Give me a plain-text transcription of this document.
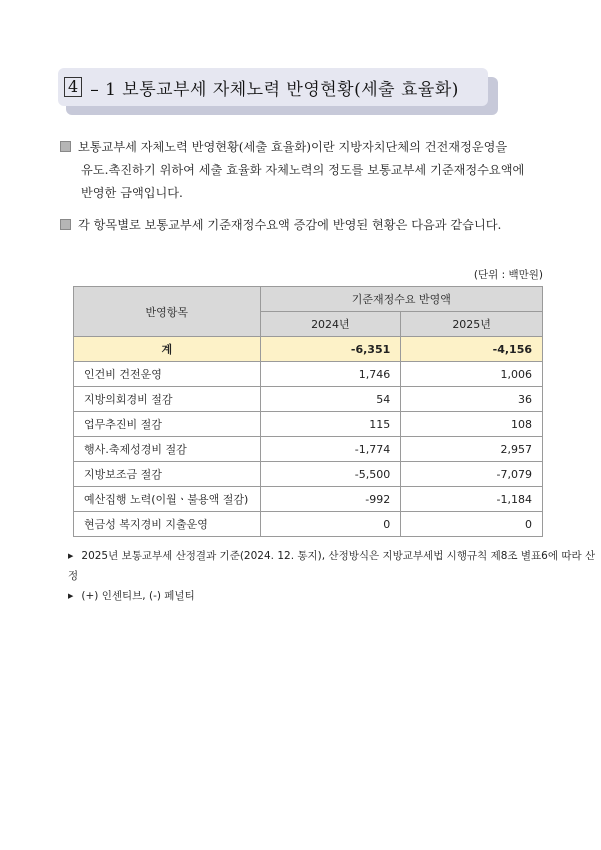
4 – 1 보통교부세 자체노력 반영현황(세출 효율화)
보통교부세 자체노력 반영현황(세출 효율화)이란 지방자치단체의 건전재정운영을
유도․촉진하기 위하여 세출 효율화 자체노력의 정도를 보통교부세 기준재정수요액에
반영한 금액입니다.
각 항목별로 보통교부세 기준재정수요액 증감에 반영된 현황은 다음과 같습니다.
(단위 : 백만원)
반영항목	기준재정수요 반영액	
	2024년	2025년
계	-6,351	-4,156
인건비 건전운영	1,746	1,006
지방의회경비 절감	54	36
업무추진비 절감	115	108
행사․축제성경비 절감	-1,774	2,957
지방보조금 절감	-5,500	-7,079
예산집행 노력(이월ㆍ불용액 절감)	-992	-1,184
현금성 복지경비 지출운영	0	0
▶ 2025년 보통교부세 산정결과 기준(2024. 12. 통지), 산정방식은 지방교부세법 시행규칙 제8조 별표6에 따라 산정
▶ (+) 인센티브, (-) 페널티
